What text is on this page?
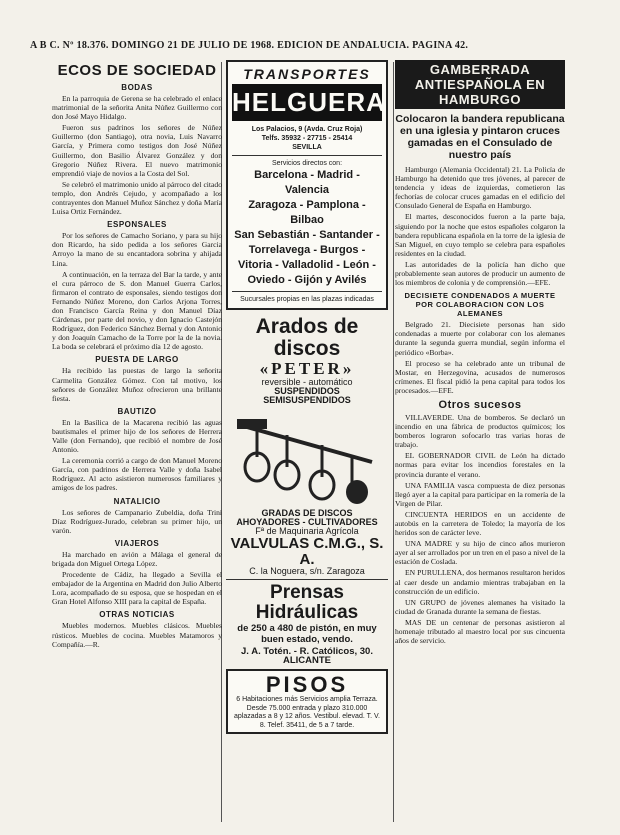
A B C. Nº 18.376. DOMINGO 21 DE JULIO DE 1968. EDICION DE ANDALUCIA. PAGINA 42.
ECOS DE SOCIEDAD
BODAS

En la parroquia de Gerena se ha celebrado el enlace matrimonial de la señorita Anita Núñez Guillermo con don José Mayo Hidalgo.

Fueron sus padrinos los señores de Núñez Guillermo (don Santiago), otra novia, Luis Navarro García, y Primera como testigos don José Núñez Guillermo, don Basilio Álvarez González y don Gregorio Núñez Rivera. El nuevo matrimonio emprendió viaje de novios a la Costa del Sol.

Se celebró el matrimonio unido al párroco del citado templo, don Andrés Cejudo, y acompañado a los contrayentes don Manuel Muñoz Sánchez y doña María Luisa Ortiz Fernández.

ESPONSALES

Por los señores de Camacho Soriano, y para su hijo don Ricardo, ha sido pedida a los señores Garcia Arroyo la mano de su encantadora sobrina y ahijada Lina.

A continuación, en la terraza del Bar la tarde, y ante el cura párroco de S. don Manuel Guerra Carlos, firmaron el contrato de esponsales, siendo testigos don Fernando Núñez Moreno, don Carlos Arjona Torres, don Francisco García Reina y don Manuel Díaz Cárdenas, por parte del novio, y don Ignacio Castejón Rodríguez, don Federico Sánchez Bernal y don Antonio y don Joaquín Camacho de la Torre por la de la novia. La boda se celebrará el próximo día 12 de agosto.

PUESTA DE LARGO

Ha recibido las puestas de largo la señorita Carmelita González Gómez. Con tal motivo, los señores de González Muñoz ofrecieron una brillante fiesta.

BAUTIZO

En la Basílica de la Macarena recibió las aguas bautismales el primer hijo de los señores de Herrera Valle (don Fernando), que recibió el nombre de José Antonio.

La ceremonia corrió a cargo de don Manuel Moreno García, con padrinos de Herrera Valle y doña Isabel Rodríguez. Al acto asistieron numerosos familiares y amigos de los padres.

NATALICIO

Los señores de Campanario Zubeldia, doña Trini Díaz Rodríguez-Jurado, celebran su primer hijo, un varón.

VIAJEROS

Ha marchado en avión a Málaga el general de brigada don Miguel Ortega López.

Procedente de Cádiz, ha llegado a Sevilla el embajador de la Argentina en Madrid don Julio Alberto Lora, acompañado de su esposa, que se hospedan en el Gran Hotel Alfonso XIII para la capital de España.

OTRAS NOTICIAS

Muebles modernos. Muebles clásicos. Muebles rústicos. Muebles de cocina. Muebles Matamoros y Compañía.—R.

TRANSPORTES
HELGUERA
Los Palacios, 9 (Avda. Cruz Roja)
Telfs. 35932 - 27715 - 25414
SEVILLA
Servicios directos con:
Barcelona - Madrid - Valencia
Zaragoza - Pamplona - Bilbao
San Sebastián - Santander - Torrelavega - Burgos - Vitoria - Valladolid - León - Oviedo - Gijón y Avilés
Sucursales propias en las plazas indicadas
Arados de discos
«PETER»
reversible - automático
SUSPENDIDOS
SEMISUSPENDIDOS
GRADAS DE DISCOS
AHOYADORES - CULTIVADORES
Fª de Maquinaria Agrícola
VALVULAS C.M.G., S. A.
C. la Noguera, s/n. Zaragoza
Prensas Hidráulicas
de 250 a 480 de pistón, en muy buen estado, vendo.
J. A. Totén. - R. Católicos, 30.
ALICANTE
PISOS
6 Habitaciones más Servicios amplia Terraza. Desde 75.000 entrada y plazo 310.000 aplazadas a 8 y 12 años. Vestibul. elevad. T. V. 8. Telef. 35411, de 5 a 7 tarde.
GAMBERRADA ANTIESPAÑOLA EN HAMBURGO
Colocaron la bandera republicana en una iglesia y pintaron cruces gamadas en el Consulado de nuestro país

Hamburgo (Alemania Occidental) 21. La Policía de Hamburgo ha detenido que tres jóvenes, al parecer de tendencia y ideas de izquierdas, cometieron las fechorías de colocar cruces gamadas en el edificio del Consulado General de España en Hamburgo.

El martes, desconocidos fueron a la parte baja, siguiendo por la noche que estos españoles colgaron la bandera republicana española en la torre de la iglesia de San Miguel, en cuyo templo se celebra para españoles residentes en la ciudad.

Las autoridades de la policía han dicho que probablemente sean autores de producir un aumento de los miembros de colonia y de comprensión.—EFE.

DECISIETE CONDENADOS A MUERTE POR COLABORACION CON LOS ALEMANES

Belgrado 21. Diecisiete personas han sido condenadas a muerte por colaborar con los alemanes durante la segunda guerra mundial, según informa el periódico «Borba».

El proceso se ha celebrado ante un tribunal de Mostar, en Herzegovina, acusados de numerosos crímenes. El fiscal pidió la pena capital para todos los procesados.—EFE.

Otros sucesos

VILLAVERDE. Una de bomberos. Se declaró un incendio en una fábrica de productos químicos; los bomberos lograron sofocarlo tras varias horas de trabajo.

EL GOBERNADOR CIVIL de León ha dictado normas para evitar los incendios forestales en la provincia durante el verano.

UNA FAMILIA vasca compuesta de diez personas llegó ayer a la capital para participar en la romería de la Virgen de Pilar.

CINCUENTA HERIDOS en un accidente de autobús en la carretera de Toledo; la mayoría de los heridos son de carácter leve.

UNA MADRE y su hijo de cinco años murieron ayer al ser arrollados por un tren en el paso a nivel de la estación de Coslada.

EN PURULLENA, dos hermanos resultaron heridos al caer desde un andamio mientras trabajaban en la construcción de un edificio.

UN GRUPO de jóvenes alemanes ha visitado la ciudad de Granada durante la semana de fiestas.

MAS DE un centenar de personas asistieron al homenaje tributado al maestro local por sus cincuenta años de servicio.
